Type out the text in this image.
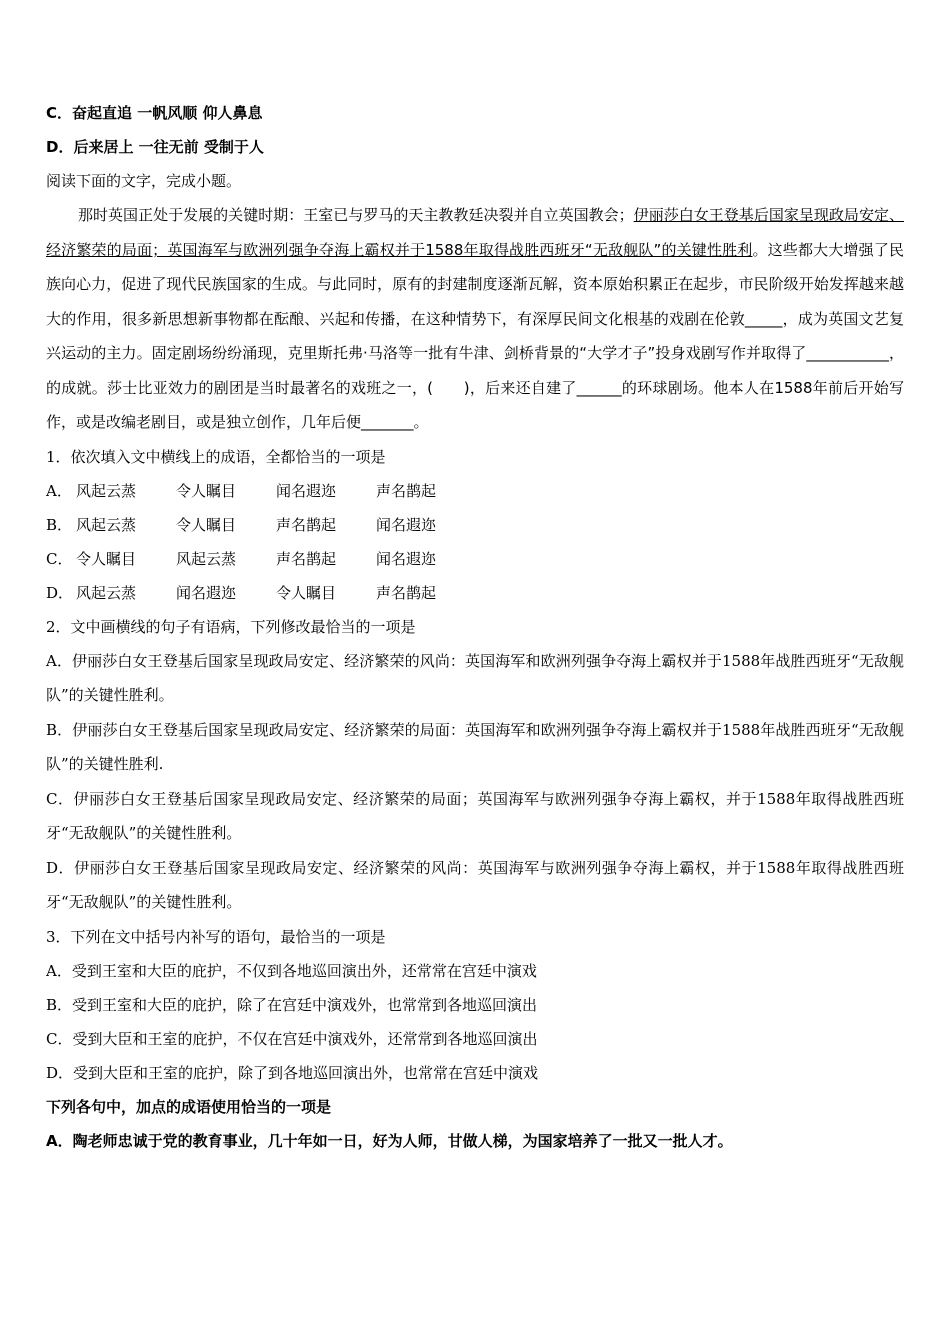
C．奋起直追 一帆风顺 仰人鼻息
D．后来居上 一往无前 受制于人
阅读下面的文字，完成小题。
那时英国正处于发展的关键时期：王室已与罗马的天主教教廷决裂并自立英国教会；伊丽莎白女王登基后国家呈现政局安定、经济繁荣的局面；英国海军与欧洲列强争夺海上霸权并于1588年取得战胜西班牙“无敌舰队”的关键性胜利。这些都大大增强了民族向心力，促进了现代民族国家的生成。与此同时，原有的封建制度逐渐瓦解，资本原始积累正在起步，市民阶级开始发挥越来越大的作用，很多新思想新事物都在酝酿、兴起和传播，在这种情势下，有深厚民间文化根基的戏剧在伦敦_____，成为英国文艺复兴运动的主力。固定剧场纷纷涌现，克里斯托弗·马洛等一批有牛津、剑桥背景的“大学才子”投身戏剧写作并取得了___________，的成就。莎士比亚效力的剧团是当时最著名的戏班之一，(　　)，后来还自建了______的环球剧场。他本人在1588年前后开始写作，或是改编老剧目，或是独立创作，几年后便_______。
1．依次填入文中横线上的成语，全都恰当的一项是
A． 风起云蒸	令人瞩目	闻名遐迩	声名鹊起
B． 风起云蒸	令人瞩目	声名鹊起	闻名遐迩
C． 令人瞩目	风起云蒸	声名鹊起	闻名遐迩
D． 风起云蒸	闻名遐迩	令人瞩目	声名鹊起
2．文中画横线的句子有语病，下列修改最恰当的一项是
A．伊丽莎白女王登基后国家呈现政局安定、经济繁荣的风尚：英国海军和欧洲列强争夺海上霸权并于1588年战胜西班牙“无敌舰队”的关键性胜利。
B．伊丽莎白女王登基后国家呈现政局安定、经济繁荣的局面：英国海军和欧洲列强争夺海上霸权并于1588年战胜西班牙“无敌舰队”的关键性胜利.
C．伊丽莎白女王登基后国家呈现政局安定、经济繁荣的局面；英国海军与欧洲列强争夺海上霸权，并于1588年取得战胜西班牙“无敌舰队”的关键性胜利。
D．伊丽莎白女王登基后国家呈现政局安定、经济繁荣的风尚：英国海军与欧洲列强争夺海上霸权，并于1588年取得战胜西班牙“无敌舰队”的关键性胜利。
3．下列在文中括号内补写的语句，最恰当的一项是
A．受到王室和大臣的庇护，不仅到各地巡回演出外，还常常在宫廷中演戏
B．受到王室和大臣的庇护，除了在宫廷中演戏外，也常常到各地巡回演出
C．受到大臣和王室的庇护，不仅在宫廷中演戏外，还常常到各地巡回演出
D．受到大臣和王室的庇护，除了到各地巡回演出外，也常常在宫廷中演戏
下列各句中，加点的成语使用恰当的一项是
A．陶老师忠诚于党的教育事业，几十年如一日，好为人师，甘做人梯，为国家培养了一批又一批人才。
